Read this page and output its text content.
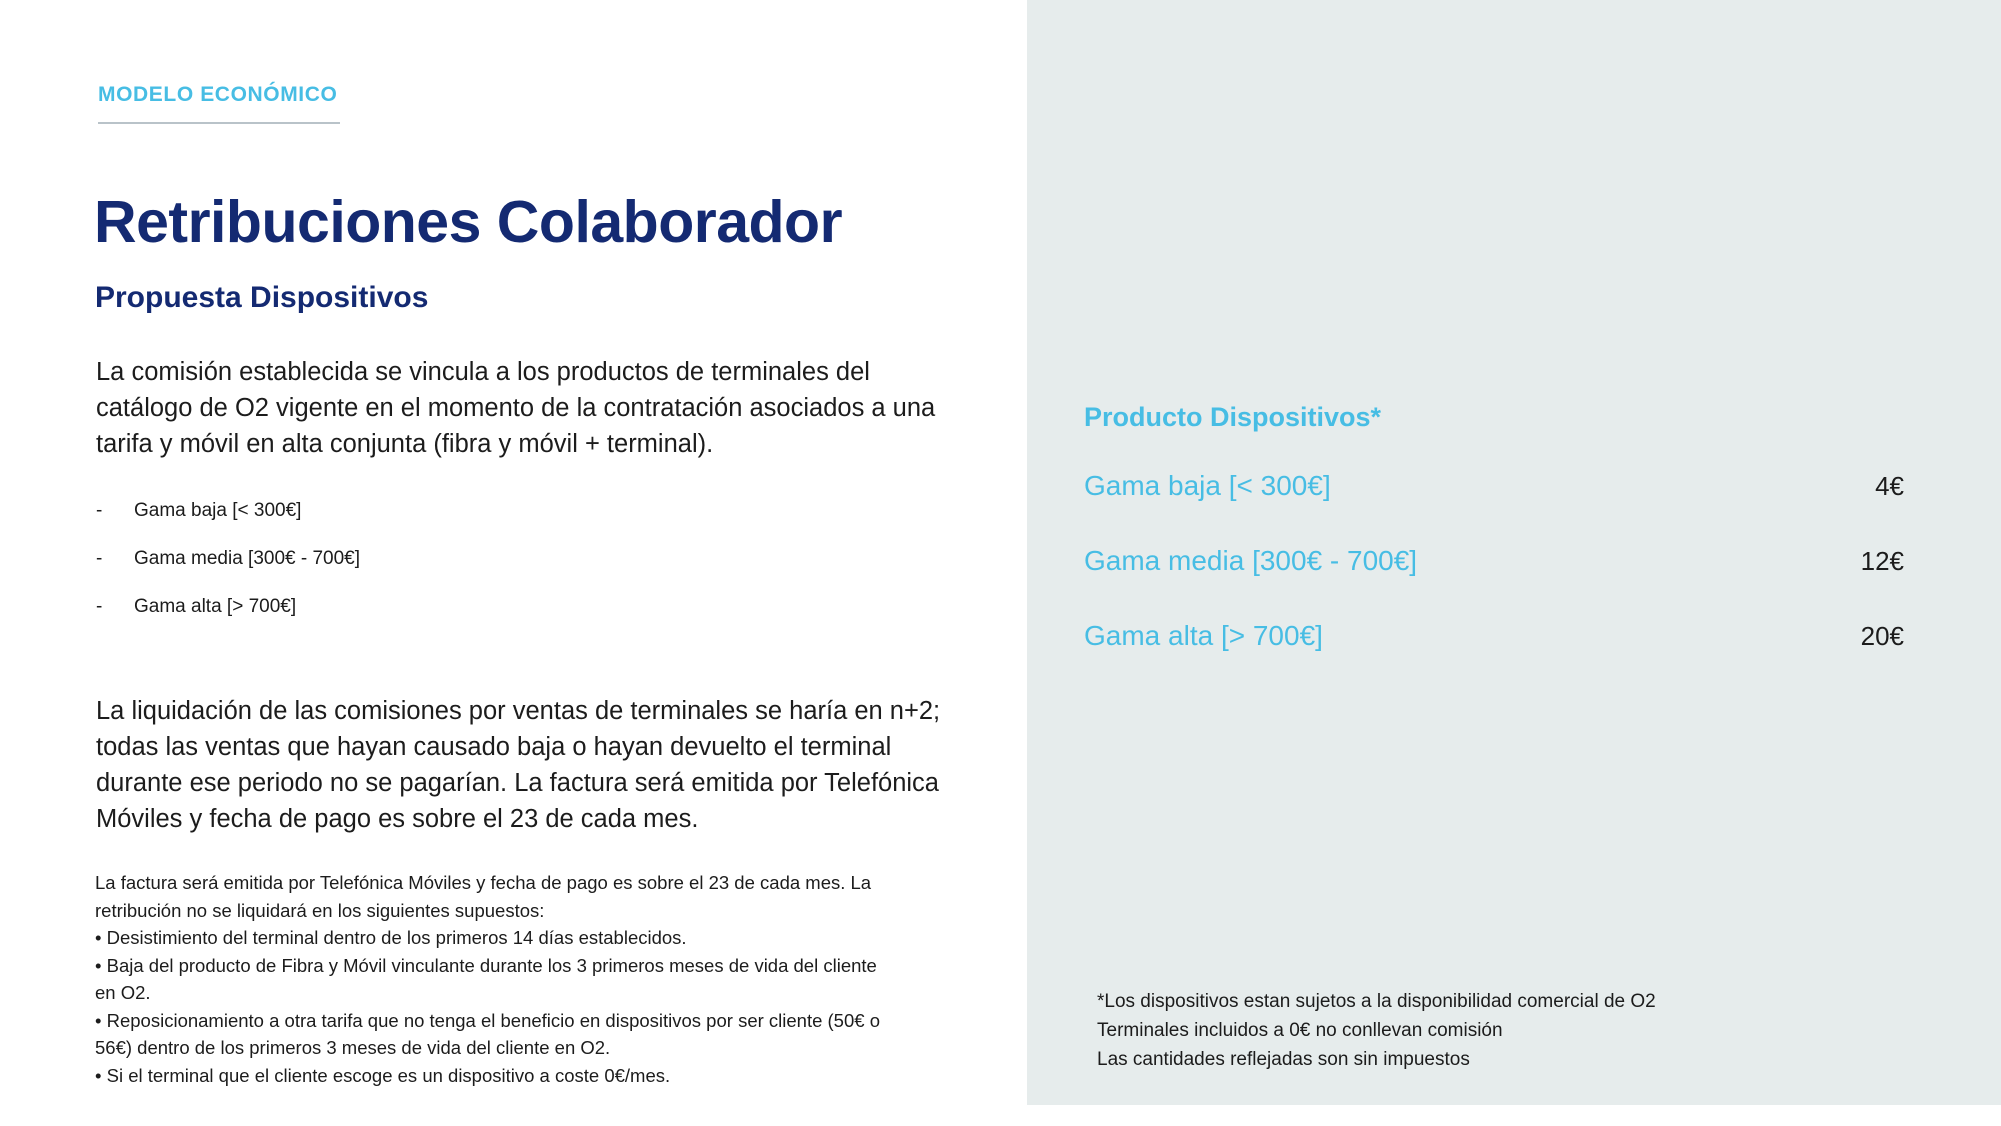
MODELO ECONÓMICO
Retribuciones Colaborador
Propuesta Dispositivos

La comisión establecida se vincula a los productos de terminales del catálogo de O2 vigente en el momento de la contratación asociados a una tarifa y móvil en alta conjunta (fibra y móvil + terminal).

-	Gama baja [< 300€]
-	Gama media [300€ - 700€]
-	Gama alta [> 700€]

La liquidación de las comisiones por ventas de terminales se haría en n+2; todas las ventas que hayan causado baja o hayan devuelto el terminal durante ese periodo no se pagarían. La factura será emitida por Telefónica Móviles y fecha de pago es sobre el 23 de cada mes.

La factura será emitida por Telefónica Móviles y fecha de pago es sobre el 23 de cada mes. La retribución no se liquidará en los siguientes supuestos:
• Desistimiento del terminal dentro de los primeros 14 días establecidos.
• Baja del producto de Fibra y Móvil vinculante durante los 3 primeros meses de vida del cliente en O2.
• Reposicionamiento a otra tarifa que no tenga el beneficio en dispositivos por ser cliente (50€ o 56€) dentro de los primeros 3 meses de vida del cliente en O2.
• Si el terminal que el cliente escoge es un dispositivo a coste 0€/mes.
Producto Dispositivos*
Gama baja [< 300€]	4€
Gama media [300€ - 700€]	12€
Gama alta [> 700€]	20€
*Los dispositivos estan sujetos a la disponibilidad comercial de O2
Terminales incluidos a 0€ no conllevan comisión
Las cantidades reflejadas son sin impuestos
